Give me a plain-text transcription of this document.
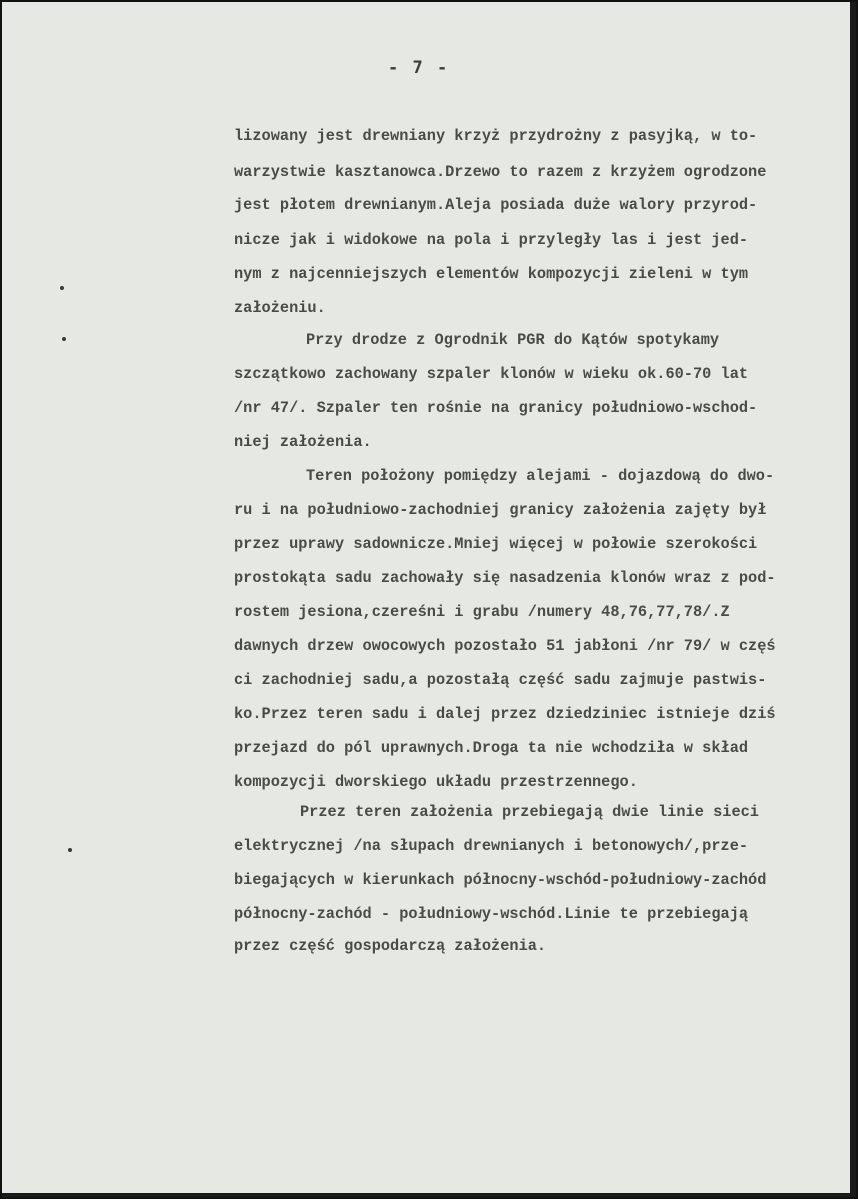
- 7 -

lizowany jest drewniany krzyż przydrożny z pasyjką, w to-

warzystwie kasztanowca.Drzewo to razem z krzyżem ogrodzone

jest płotem drewnianym.Aleja posiada duże walory przyrod-

nicze jak i widokowe na pola i przyległy las i jest jed-

nym z najcenniejszych elementów kompozycji zieleni w tym

założeniu.

Przy drodze z Ogrodnik PGR do Kątów spotykamy

szczątkowo zachowany szpaler klonów w wieku ok.60-70 lat

/nr 47/. Szpaler ten rośnie na granicy południowo-wschod-

niej założenia.

Teren położony pomiędzy alejami - dojazdową do dwo-

ru i na południowo-zachodniej granicy założenia zajęty był

przez uprawy sadownicze.Mniej więcej w połowie szerokości

prostokąta sadu zachowały się nasadzenia klonów wraz z pod-

rostem jesiona,czereśni i grabu /numery 48,76,77,78/.Z

dawnych drzew owocowych pozostało 51 jabłoni /nr 79/ w częś

ci zachodniej sadu,a pozostałą część sadu zajmuje pastwis-

ko.Przez teren sadu i dalej przez dziedziniec istnieje dziś

przejazd do pól uprawnych.Droga ta nie wchodziła w skład

kompozycji dworskiego układu przestrzennego.

Przez teren założenia przebiegają dwie linie sieci

elektrycznej /na słupach drewnianych i betonowych/,prze-

biegających w kierunkach północny-wschód-południowy-zachód

północny-zachód - południowy-wschód.Linie te przebiegają

przez część gospodarczą założenia.
